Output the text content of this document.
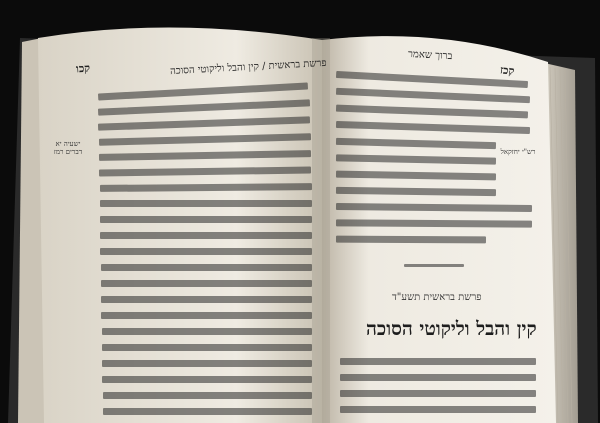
פרשת בראשית / קין והבל וליקוטי הסוכה
קכו
ברוך שאמר
קכז
ישעיה יא דברים רמז	רש"י יחזקאל
פרשת בראשית תשע"ד
קין והבל וליקוטי הסוכה
